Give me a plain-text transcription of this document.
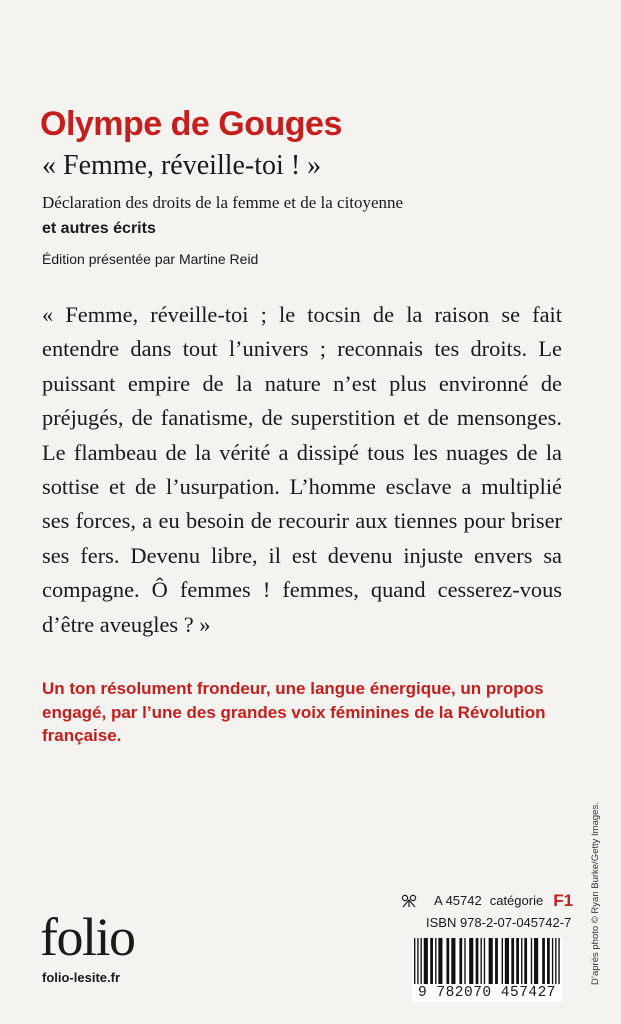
Olympe de Gouges
« Femme, réveille-toi ! »
Déclaration des droits de la femme et de la citoyenne
et autres écrits
Édition présentée par Martine Reid
« Femme, réveille-toi ; le tocsin de la raison se fait
entendre dans tout l’univers ; reconnais tes droits. Le
puissant empire de la nature n’est plus environné de
préjugés, de fanatisme, de superstition et de mensonges.
Le flambeau de la vérité a dissipé tous les nuages de la
sottise et de l’usurpation. L’homme esclave a multiplié
ses forces, a eu besoin de recourir aux tiennes pour briser
ses fers. Devenu libre, il est devenu injuste envers sa
compagne. Ô femmes ! femmes, quand cesserez-vous
d’être aveugles ? »
Un ton résolument frondeur, une langue énergique, un propos
engagé, par l’une des grandes voix féminines de la Révolution
française.
D’après photo © Ryan Burke/Getty Images.
folio
folio-lesite.fr
A 45742 catégorie F1
ISBN 978-2-07-045742-7
9 782070 457427
